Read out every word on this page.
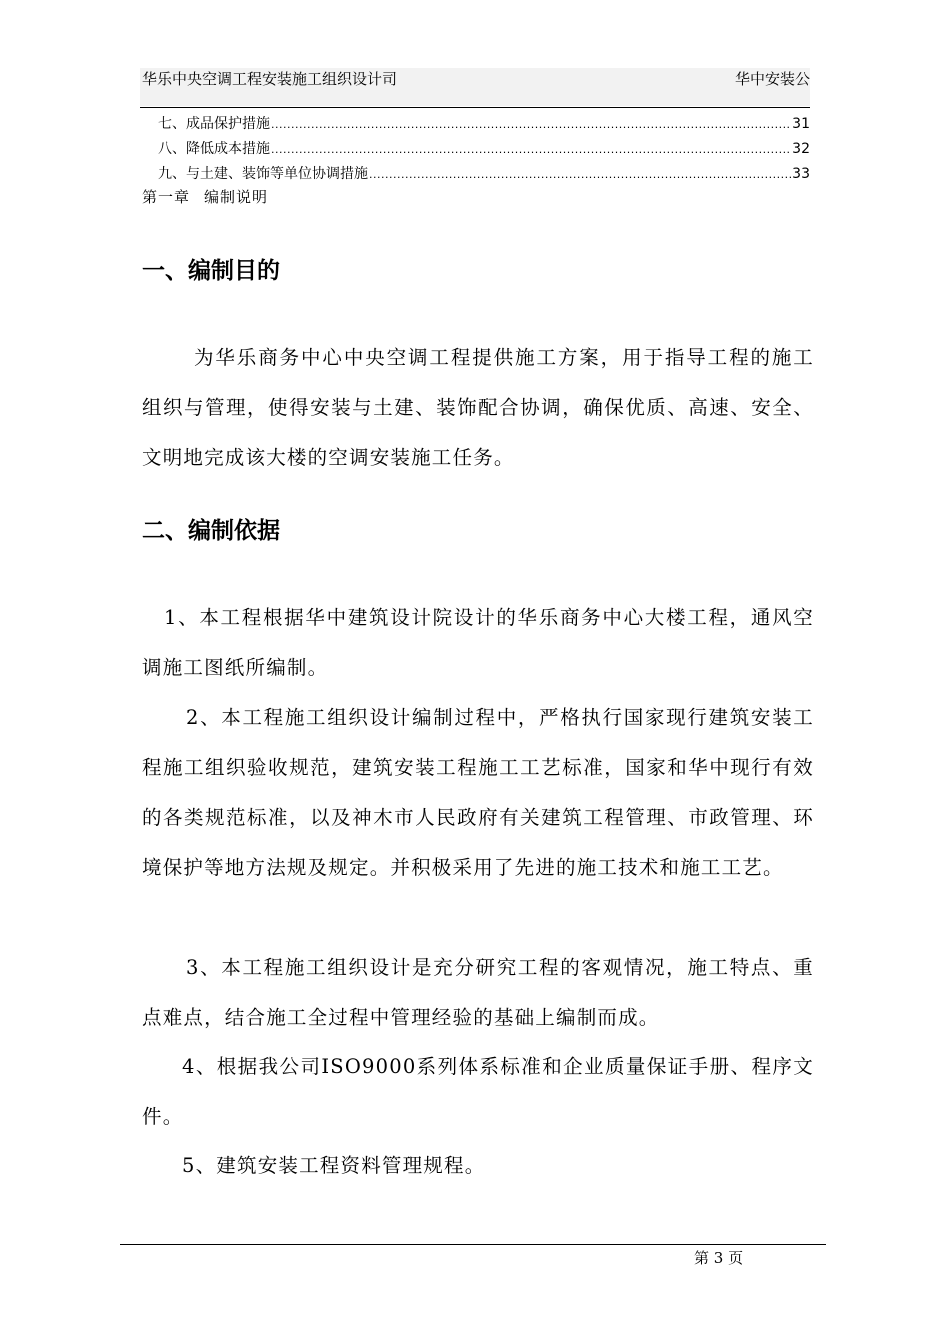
华乐中央空调工程安装施工组织设计司	华中安装公
七、成品保护措施 .....	31
八、降低成本措施 .....	32
九、与土建、装饰等单位协调措施 .....	33
第一章 编制说明
一、编制目的
为华乐商务中心中央空调工程提供施工方案，用于指导工程的施工组织与管理，使得安装与土建、装饰配合协调，确保优质、高速、安全、文明地完成该大楼的空调安装施工任务。
二、编制依据
1、本工程根据华中建筑设计院设计的华乐商务中心大楼工程，通风空调施工图纸所编制。
2、本工程施工组织设计编制过程中，严格执行国家现行建筑安装工程施工组织验收规范，建筑安装工程施工工艺标准，国家和华中现行有效的各类规范标准，以及神木市人民政府有关建筑工程管理、市政管理、环境保护等地方法规及规定。并积极采用了先进的施工技术和施工工艺。
3、本工程施工组织设计是充分研究工程的客观情况，施工特点、重点难点，结合施工全过程中管理经验的基础上编制而成。
4、根据我公司ISO9000系列体系标准和企业质量保证手册、程序文件。
5、建筑安装工程资料管理规程。
第 3 页
